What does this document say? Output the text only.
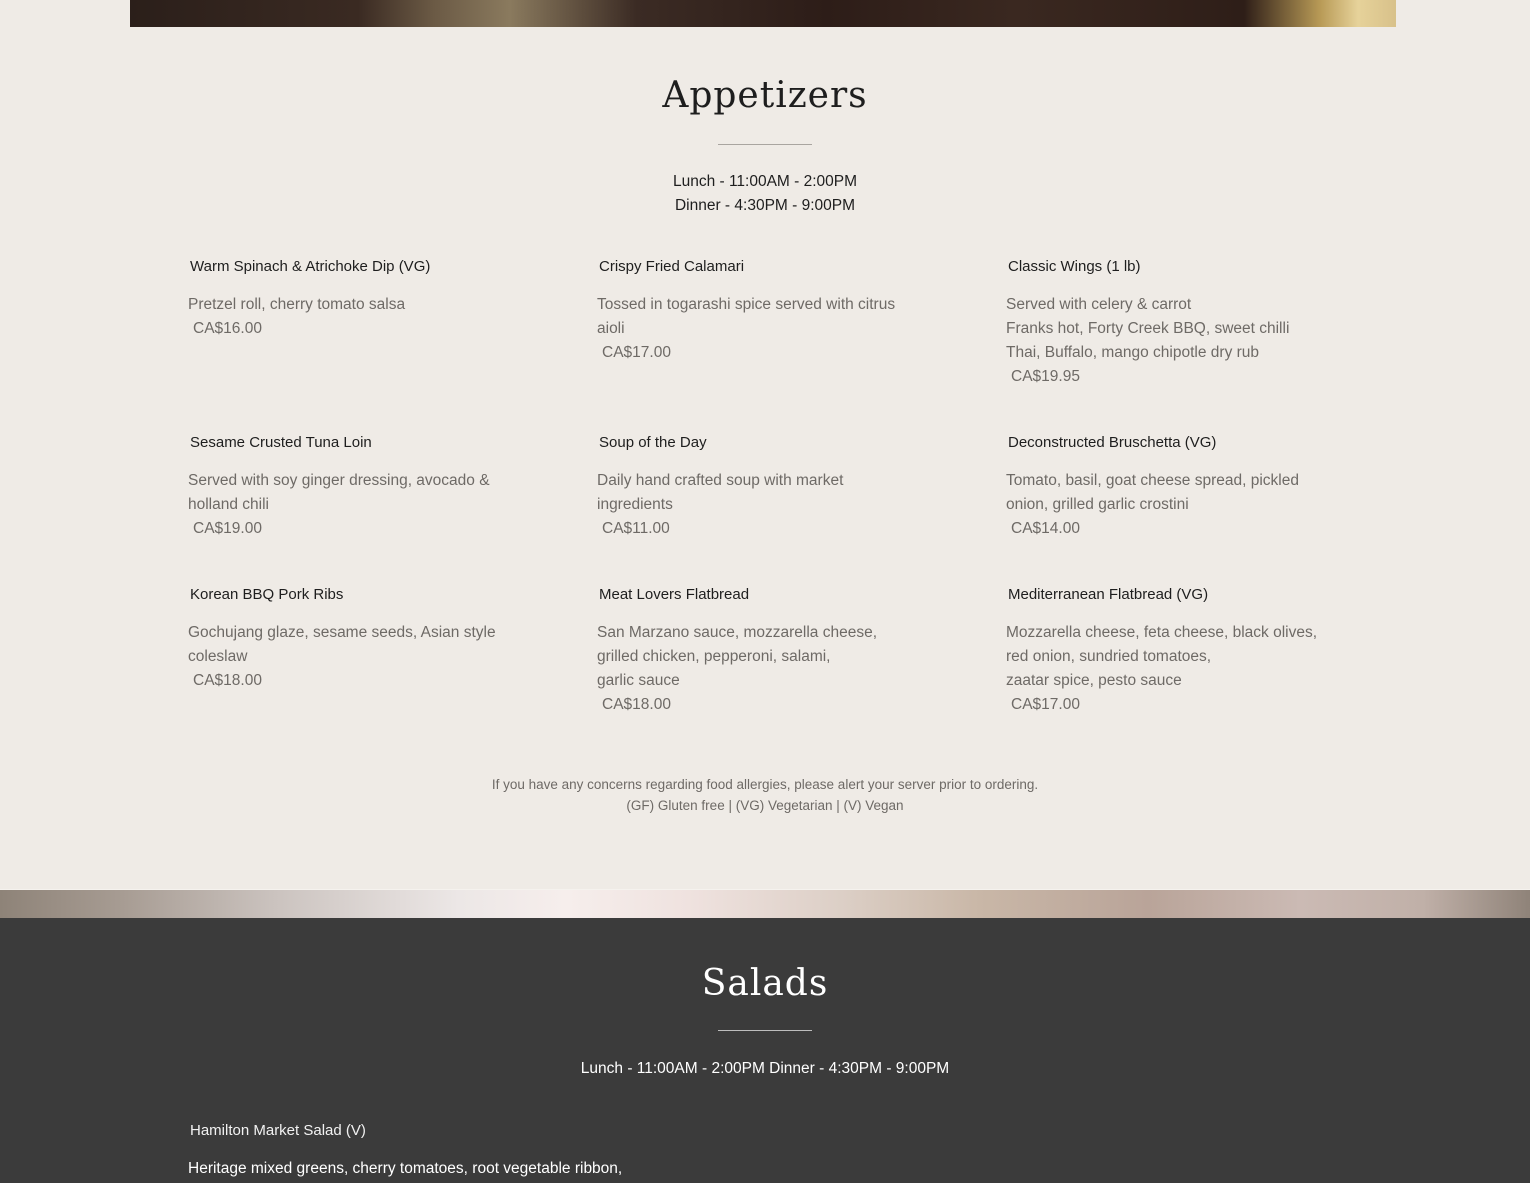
Appetizers
Lunch - 11:00AM - 2:00PM
Dinner - 4:30PM - 9:00PM
Warm Spinach & Atrichoke Dip (VG)
Pretzel roll, cherry tomato salsa
CA$16.00
Crispy Fried Calamari
Tossed in togarashi spice served with citrus
aioli
CA$17.00
Classic Wings (1 lb)
Served with celery & carrot
Franks hot, Forty Creek BBQ, sweet chilli
Thai, Buffalo, mango chipotle dry rub
CA$19.95
Sesame Crusted Tuna Loin
Served with soy ginger dressing, avocado &
holland chili
CA$19.00
Soup of the Day
Daily hand crafted soup with market
ingredients
CA$11.00
Deconstructed Bruschetta (VG)
Tomato, basil, goat cheese spread, pickled
onion, grilled garlic crostini
CA$14.00
Korean BBQ Pork Ribs
Gochujang glaze, sesame seeds, Asian style
coleslaw
CA$18.00
Meat Lovers Flatbread
San Marzano sauce, mozzarella cheese,
grilled chicken, pepperoni, salami,
garlic sauce
CA$18.00
Mediterranean Flatbread (VG)
Mozzarella cheese, feta cheese, black olives,
red onion, sundried tomatoes,
zaatar spice, pesto sauce
CA$17.00
If you have any concerns regarding food allergies, please alert your server prior to ordering.
(GF) Gluten free | (VG) Vegetarian | (V) Vegan
Salads
Lunch - 11:00AM - 2:00PM Dinner - 4:30PM - 9:00PM
Hamilton Market Salad (V)
Heritage mixed greens, cherry tomatoes, root vegetable ribbon,
